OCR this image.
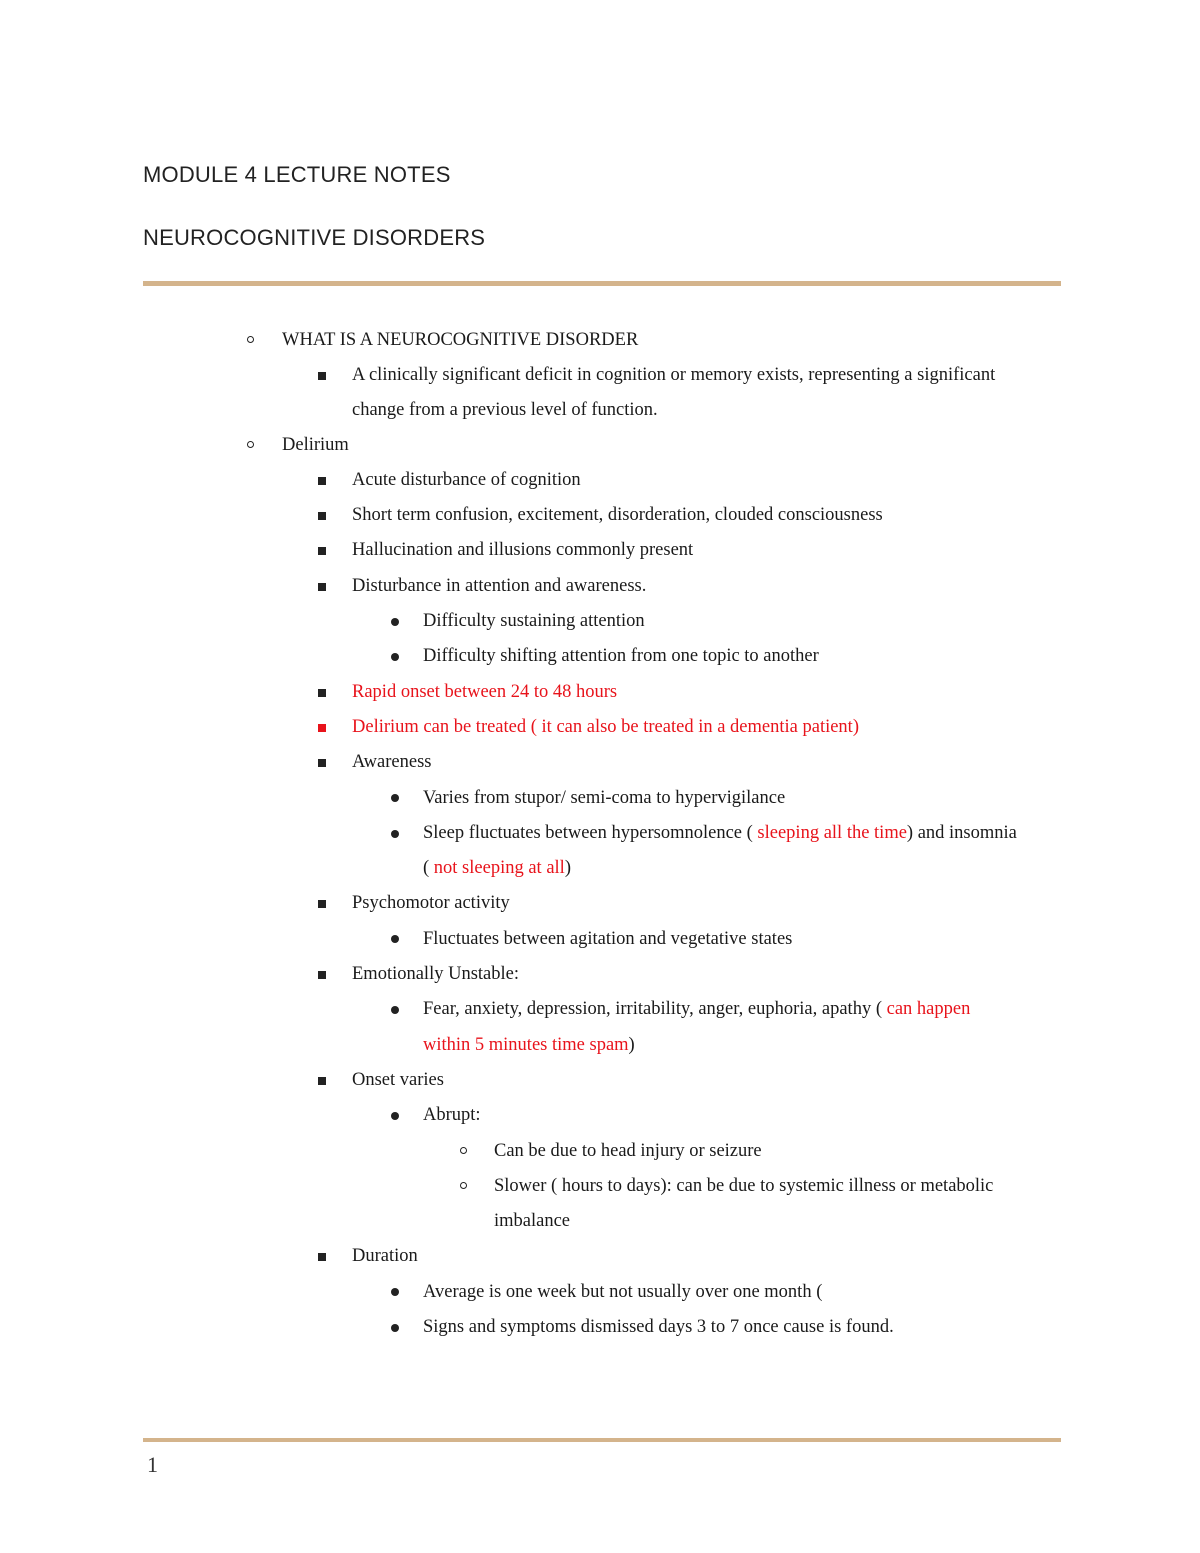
MODULE 4 LECTURE NOTES
NEUROCOGNITIVE DISORDERS
WHAT IS A NEUROCOGNITIVE DISORDER
A clinically significant deficit in cognition or memory exists, representing a significant
change from a previous level of function.
Delirium
Acute disturbance of cognition
Short term confusion, excitement, disorderation, clouded consciousness
Hallucination and illusions commonly present
Disturbance in attention and awareness.
Difficulty sustaining attention
Difficulty shifting attention from one topic to another
Rapid onset between 24 to 48 hours
Delirium can be treated ( it can also be treated in a dementia patient)
Awareness
Varies from stupor/ semi-coma to hypervigilance
Sleep fluctuates between hypersomnolence ( sleeping all the time) and insomnia
( not sleeping at all)
Psychomotor activity
Fluctuates between agitation and vegetative states
Emotionally Unstable:
Fear, anxiety, depression, irritability, anger, euphoria, apathy ( can happen
within 5 minutes time spam)
Onset varies
Abrupt:
Can be due to head injury or seizure
Slower ( hours to days): can be due to systemic illness or metabolic
imbalance
Duration
Average is one week but not usually over one month (
Signs and symptoms dismissed days 3 to 7 once cause is found.
1
